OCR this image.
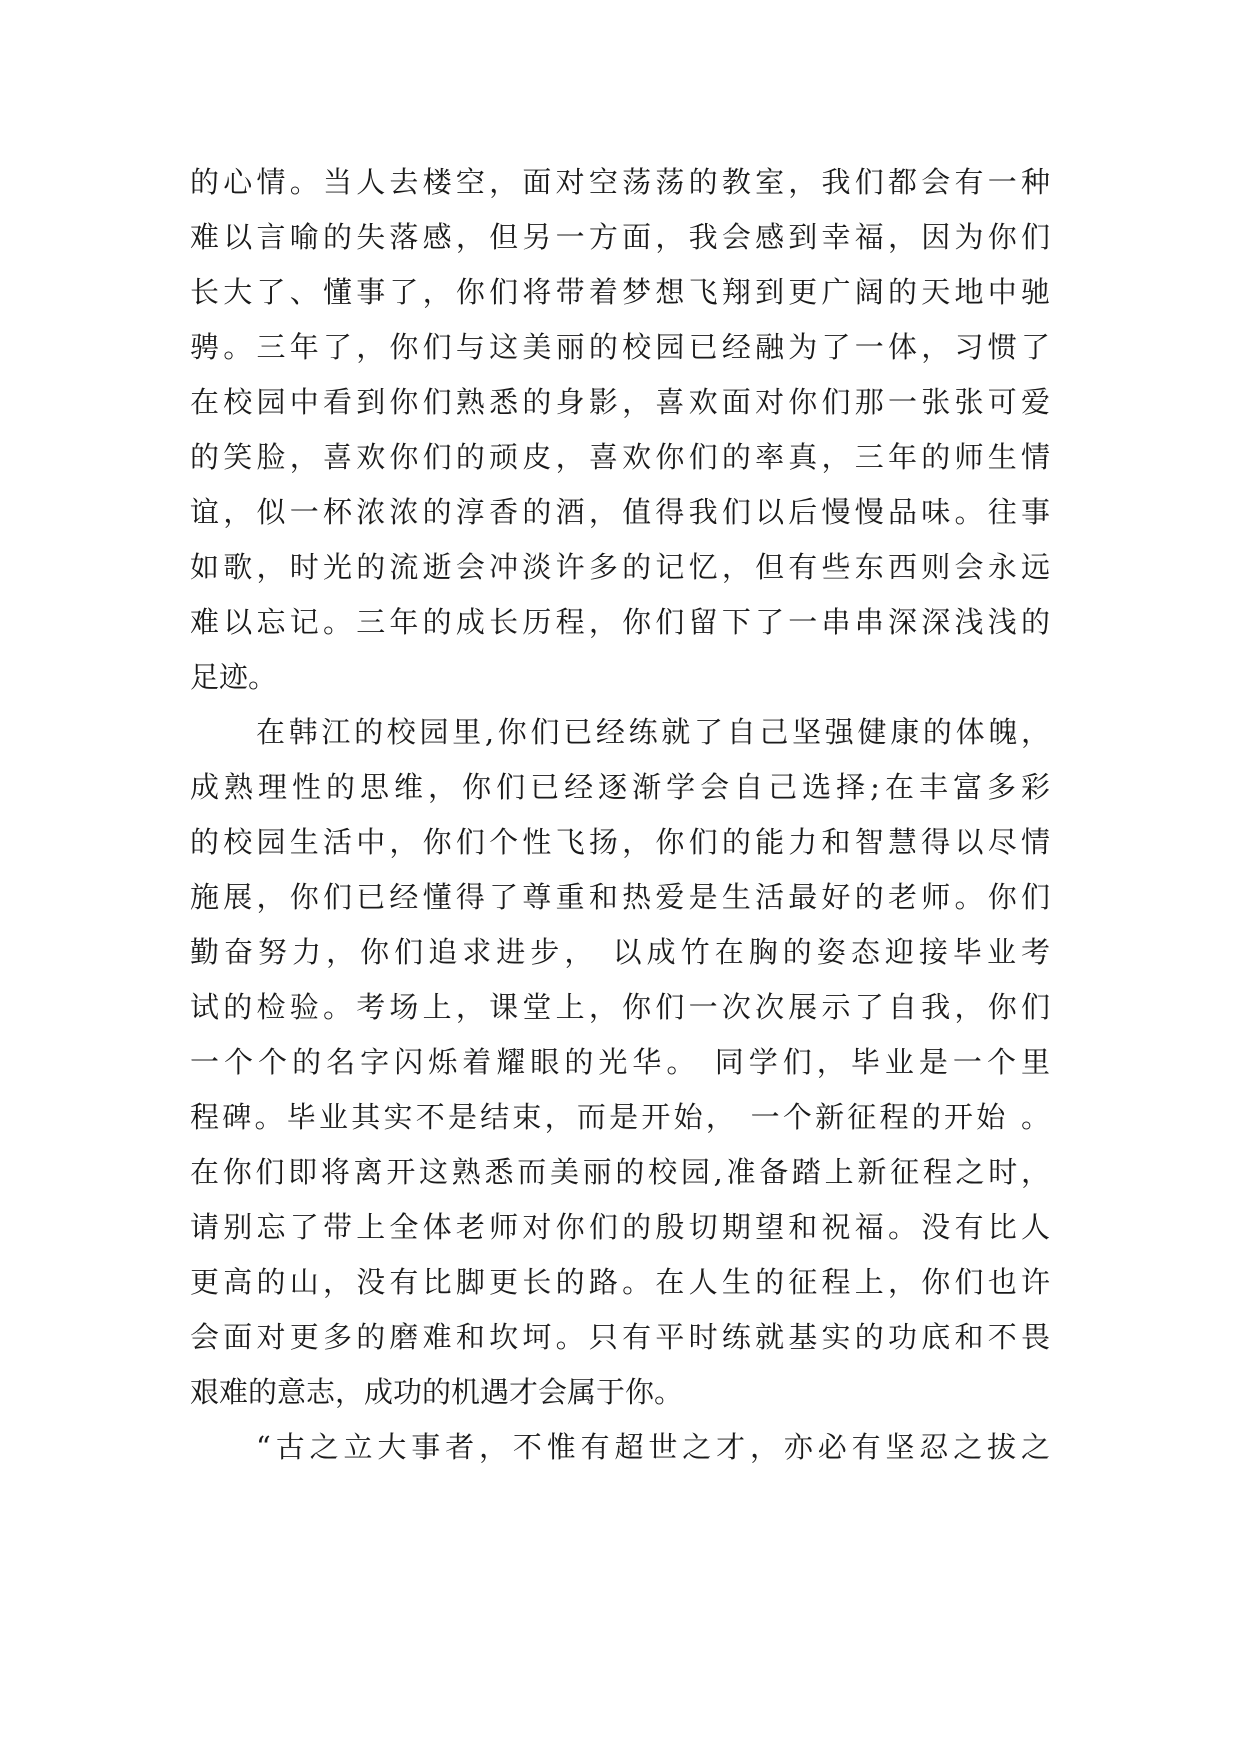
的心情。当人去楼空，面对空荡荡的教室，我们都会有一种
难以言喻的失落感，但另一方面，我会感到幸福，因为你们
长大了、懂事了，你们将带着梦想飞翔到更广阔的天地中驰
骋。三年了，你们与这美丽的校园已经融为了一体，习惯了
在校园中看到你们熟悉的身影，喜欢面对你们那一张张可爱
的笑脸，喜欢你们的顽皮，喜欢你们的率真，三年的师生情
谊，似一杯浓浓的淳香的酒，值得我们以后慢慢品味。往事
如歌，时光的流逝会冲淡许多的记忆，但有些东西则会永远
难以忘记。三年的成长历程，你们留下了一串串深深浅浅的
足迹。
在韩江的校园里,你们已经练就了自己坚强健康的体魄，
成熟理性的思维，你们已经逐渐学会自己选择;在丰富多彩
的校园生活中，你们个性飞扬，你们的能力和智慧得以尽情
施展，你们已经懂得了尊重和热爱是生活最好的老师。你们
勤奋努力，你们追求进步， 以成竹在胸的姿态迎接毕业考
试的检验。考场上，课堂上，你们一次次展示了自我，你们
一个个的名字闪烁着耀眼的光华。 同学们，毕业是一个里
程碑。毕业其实不是结束，而是开始， 一个新征程的开始 。
在你们即将离开这熟悉而美丽的校园,准备踏上新征程之时，
请别忘了带上全体老师对你们的殷切期望和祝福。没有比人
更高的山，没有比脚更长的路。在人生的征程上，你们也许
会面对更多的磨难和坎坷。只有平时练就基实的功底和不畏
艰难的意志，成功的机遇才会属于你。
“古之立大事者，不惟有超世之才，亦必有坚忍之拔之
